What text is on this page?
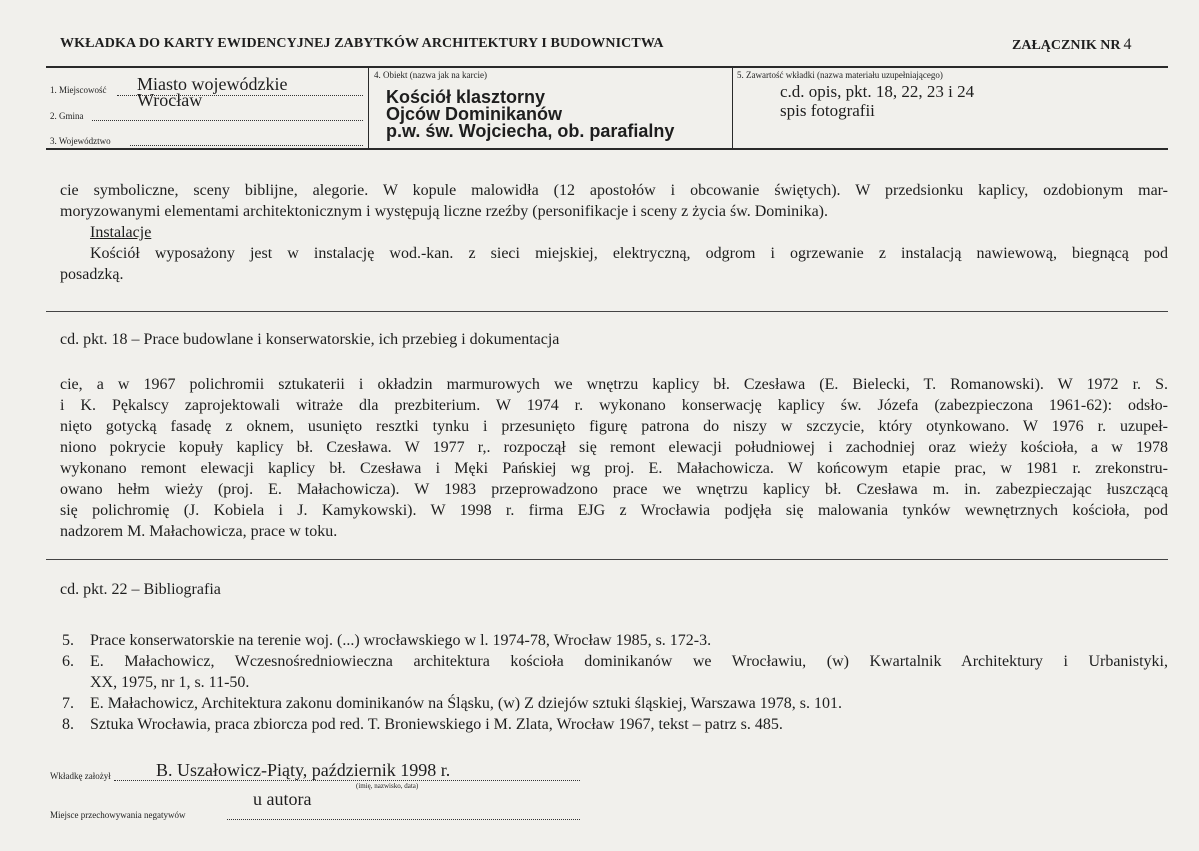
WKŁADKA DO KARTY EWIDENCYJNEJ ZABYTKÓW ARCHITEKTURY I BUDOWNICTWA	ZAŁĄCZNIK NR 4
1. Miejscowość Miasto wojewódzkie
2. Gmina
Wrocław
3. Województwo
4. Obiekt (nazwa jak na karcie)
Kościół klasztorny
Ojców Dominikanów
p.w. św. Wojciecha, ob. parafialny
5. Zawartość wkładki (nazwa materiału uzupełniającego)
c.d. opis, pkt. 18, 22, 23 i 24
spis fotografii

cie symboliczne, sceny biblijne, alegorie. W kopule malowidła (12 apostołów i obcowanie świętych). W przedsionku kaplicy, ozdobionym mar-

moryzowanymi elementami architektonicznym i występują liczne rzeźby (personifikacje i sceny z życia św. Dominika).

Instalacje

Kościół wyposażony jest w instalację wod.-kan. z sieci miejskiej, elektryczną, odgrom i ogrzewanie z instalacją nawiewową, biegnącą pod

posadzką.

cd. pkt. 18 – Prace budowlane i konserwatorskie, ich przebieg i dokumentacja

cie, a w 1967 polichromii sztukaterii i okładzin marmurowych we wnętrzu kaplicy bł. Czesława (E. Bielecki, T. Romanowski). W 1972 r. S.

i K. Pękalscy zaprojektowali witraże dla prezbiterium. W 1974 r. wykonano konserwację kaplicy św. Józefa (zabezpieczona 1961-62): odsło-

nięto gotycką fasadę z oknem, usunięto resztki tynku i przesunięto figurę patrona do niszy w szczycie, który otynkowano. W 1976 r. uzupeł-

niono pokrycie kopuły kaplicy bł. Czesława. W 1977 r,. rozpoczął się remont elewacji południowej i zachodniej oraz wieży kościoła, a w 1978

wykonano remont elewacji kaplicy bł. Czesława i Męki Pańskiej wg proj. E. Małachowicza. W końcowym etapie prac, w 1981 r. zrekonstru-

owano hełm wieży (proj. E. Małachowicza). W 1983 przeprowadzono prace we wnętrzu kaplicy bł. Czesława m. in. zabezpieczając łuszczącą

się polichromię (J. Kobiela i J. Kamykowski). W 1998 r. firma EJG z Wrocławia podjęła się malowania tynków wewnętrznych kościoła, pod

nadzorem M. Małachowicza, prace w toku.

cd. pkt. 22 – Bibliografia
5. Prace konserwatorskie na terenie woj. (...) wrocławskiego w l. 1974-78, Wrocław 1985, s. 172-3.
6. E. Małachowicz, Wczesnośredniowieczna architektura kościoła dominikanów we Wrocławiu, (w) Kwartalnik Architektury i Urbanistyki,
XX, 1975, nr 1, s. 11-50.
7. E. Małachowicz, Architektura zakonu dominikanów na Śląsku, (w) Z dziejów sztuki śląskiej, Warszawa 1978, s. 101.
8. Sztuka Wrocławia, praca zbiorcza pod red. T. Broniewskiego i M. Zlata, Wrocław 1967, tekst – patrz s. 485.
Wkładkę założył	B. Uszałowicz-Piąty, październik 1998 r.
(imię, nazwisko, data)
Miejsce przechowywania negatywów
u autora
